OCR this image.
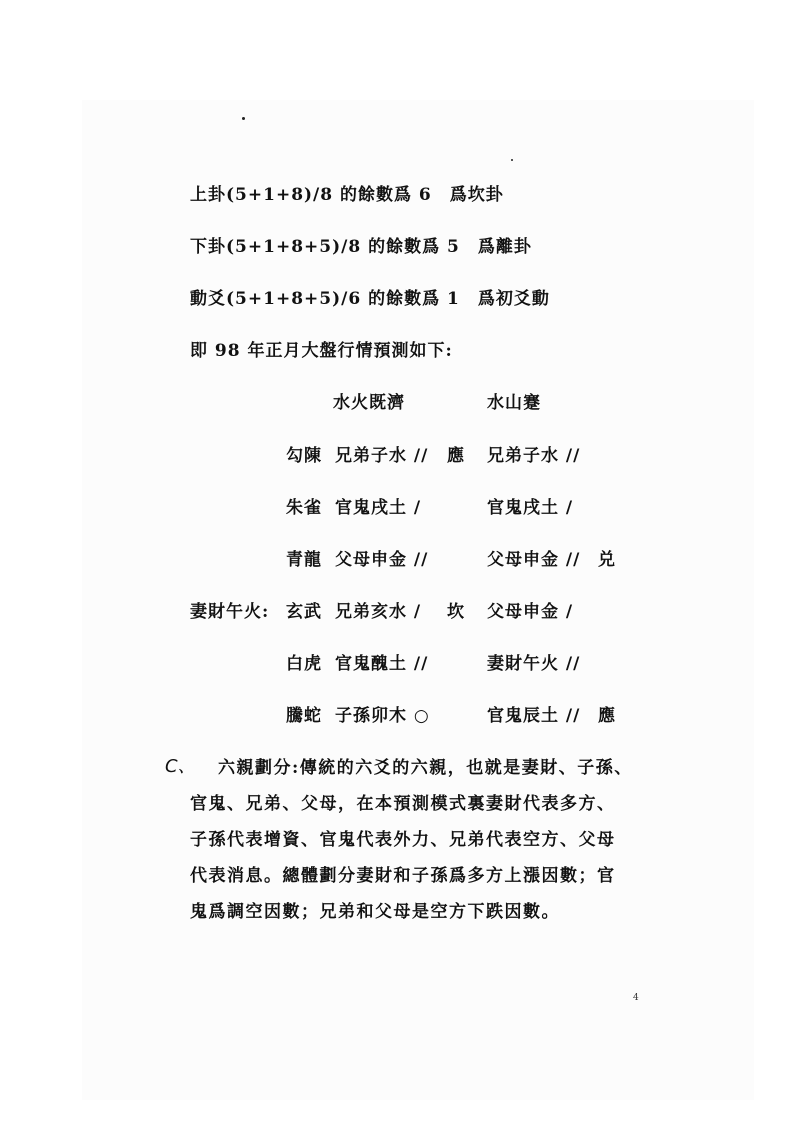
上卦(5+1+8)/8 的餘數爲 6　爲坎卦
下卦(5+1+8+5)/8 的餘數爲 5　爲離卦
動爻(5+1+8+5)/6 的餘數爲 1　爲初爻動
即 98 年正月大盤行情預測如下:
水火既濟	水山蹇
勾陳 兄弟子水 // 應 兄弟子水 //
朱雀 官鬼戌土 /	官鬼戌土 /
青龍 父母申金 //	父母申金 // 兑
妻財午火: 玄武 兄弟亥水 / 坎 父母申金 /
白虎 官鬼醜土 //	妻財午火 //
騰蛇 子孫卯木 ○	官鬼辰土 // 應
C、 六親劃分:傳統的六爻的六親，也就是妻財、子孫、
官鬼、兄弟、父母，在本預測模式裏妻財代表多方、
子孫代表增資、官鬼代表外力、兄弟代表空方、父母
代表消息。總體劃分妻財和子孫爲多方上漲因數；官
鬼爲調空因數；兄弟和父母是空方下跌因數。
4
